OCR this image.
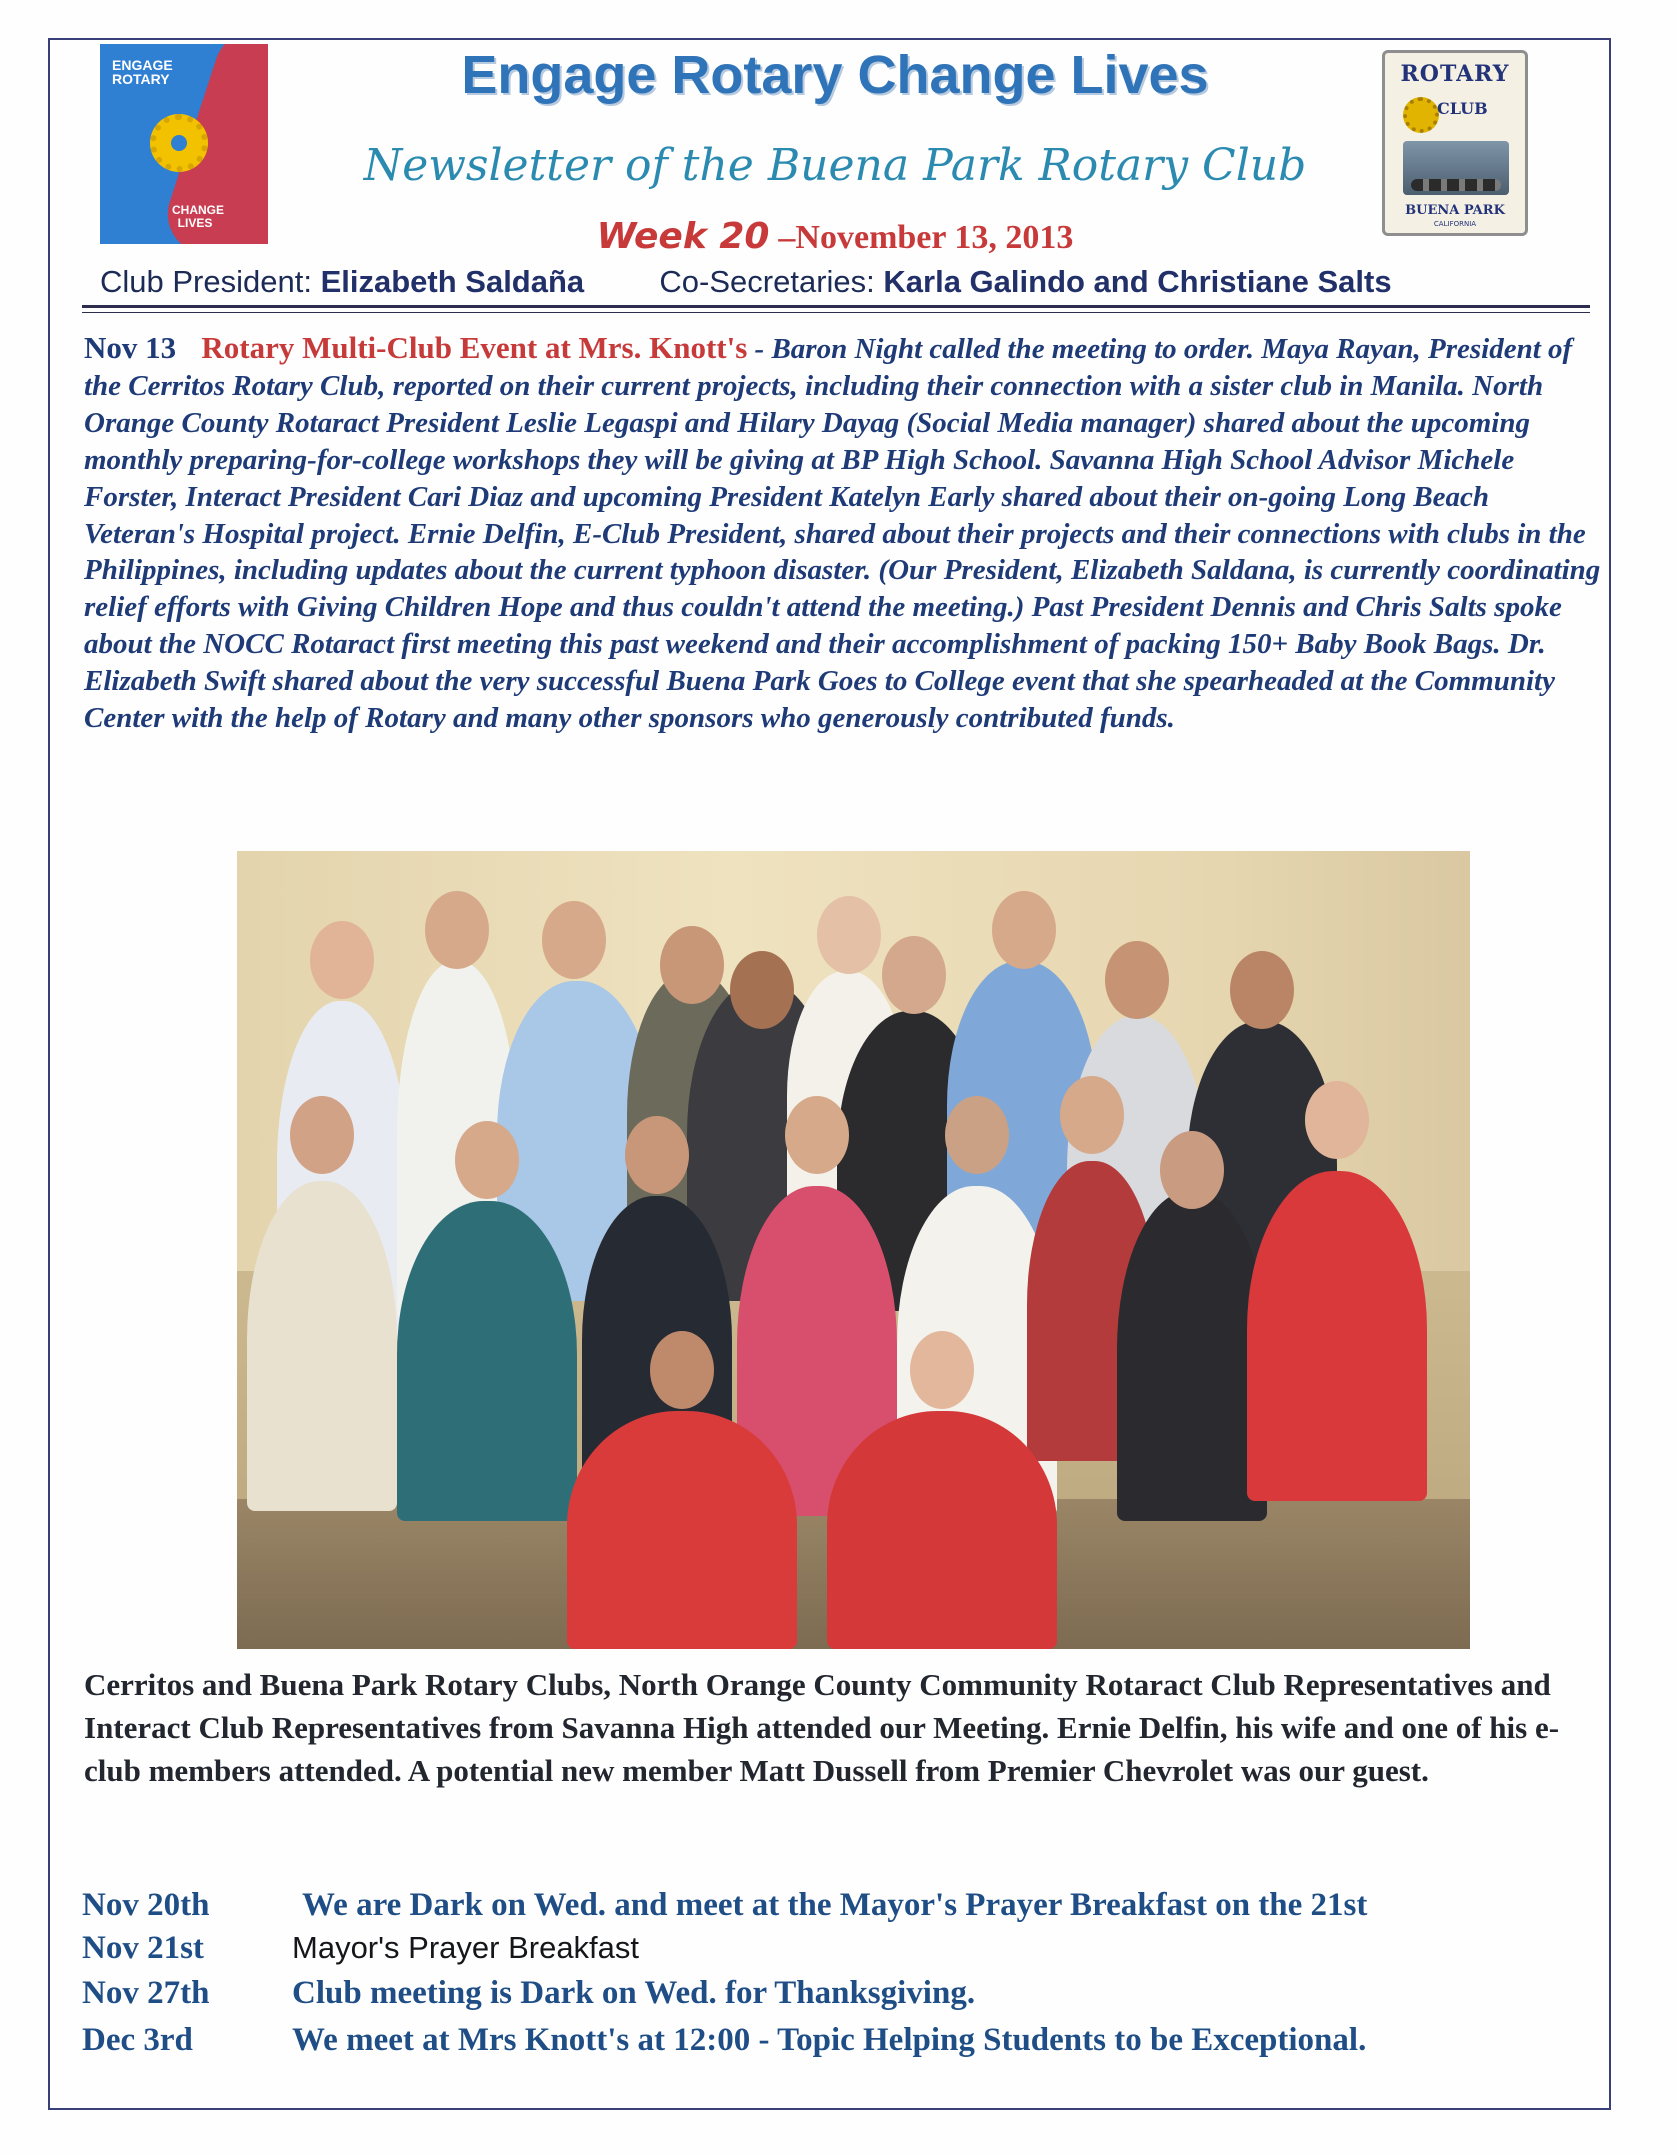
ENGAGE ROTARY
CHANGE LIVES
Engage Rotary Change Lives
Newsletter of the Buena Park Rotary Club
Week 20 –November 13, 2013
ROTARY
CLUB
BUENA PARK
CALIFORNIA
Club President: Elizabeth Saldaña Co-Secretaries: Karla Galindo and Christiane Salts
Nov 13 Rotary Multi-Club Event at Mrs. Knott's - Baron Night called the meeting to order. Maya Rayan, President of the Cerritos Rotary Club, reported on their current projects, including their connection with a sister club in Manila. North Orange County Rotaract President Leslie Legaspi and Hilary Dayag (Social Media manager) shared about the upcoming monthly preparing-for-college workshops they will be giving at BP High School. Savanna High School Advisor Michele Forster, Interact President Cari Diaz and upcoming President Katelyn Early shared about their on-going Long Beach Veteran's Hospital project. Ernie Delfin, E-Club President, shared about their projects and their connections with clubs in the Philippines, including updates about the current typhoon disaster. (Our President, Elizabeth Saldana, is currently coordinating relief efforts with Giving Children Hope and thus couldn't attend the meeting.) Past President Dennis and Chris Salts spoke about the NOCC Rotaract first meeting this past weekend and their accomplishment of packing 150+ Baby Book Bags. Dr. Elizabeth Swift shared about the very successful Buena Park Goes to College event that she spearheaded at the Community Center with the help of Rotary and many other sponsors who generously contributed funds.
Cerritos and Buena Park Rotary Clubs, North Orange County Community Rotaract Club Representatives and Interact Club Representatives from Savanna High attended our Meeting. Ernie Delfin, his wife and one of his e-club members attended. A potential new member Matt Dussell from Premier Chevrolet was our guest.
Nov 20th	We are Dark on Wed. and meet at the Mayor's Prayer Breakfast on the 21st
Nov 21st	Mayor's Prayer Breakfast
Nov 27th	Club meeting is Dark on Wed. for Thanksgiving.
Dec 3rd	We meet at Mrs Knott's at 12:00 - Topic Helping Students to be Exceptional.
